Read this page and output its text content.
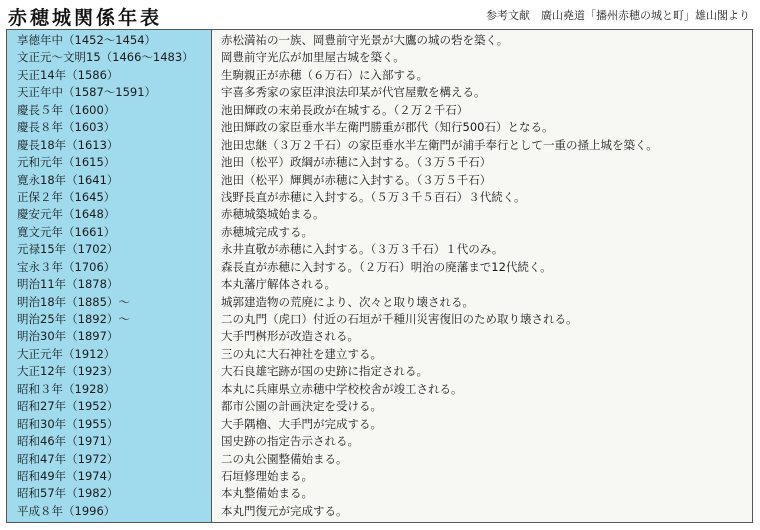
赤穂城関係年表	参考文献　廣山堯道「播州赤穂の城と町」雄山閣より
享徳年中（1452～1454）	赤松満祐の一族、岡豊前守光景が大鷹の城の砦を築く。
文正元～文明15（1466～1483）	岡豊前守光広が加里屋古城を築く。
天正14年（1586）	生駒親正が赤穂（６万石）に入部する。
天正年中（1587～1591）	宇喜多秀家の家臣津浪法印某が代官屋敷を構える。
慶長５年（1600）	池田輝政の末弟長政が在城する。（２万２千石）
慶長８年（1603）	池田輝政の家臣垂水半左衛門勝重が郡代（知行500石）となる。
慶長18年（1613）	池田忠継（３万２千石）の家臣垂水半左衛門が浦手奉行として一重の掻上城を築く。
元和元年（1615）	池田（松平）政綱が赤穂に入封する。（３万５千石）
寛永18年（1641）	池田（松平）輝興が赤穂に入封する。（３万５千石）
正保２年（1645）	浅野長直が赤穂に入封する。（５万３千５百石）３代続く。
慶安元年（1648）	赤穂城築城始まる。
寛文元年（1661）	赤穂城完成する。
元禄15年（1702）	永井直敬が赤穂に入封する。（３万３千石）１代のみ。
宝永３年（1706）	森長直が赤穂に入封する。（２万石）明治の廃藩まで12代続く。
明治11年（1878）	本丸藩庁解体される。
明治18年（1885）～	城郭建造物の荒廃により、次々と取り壊される。
明治25年（1892）～	二の丸門（虎口）付近の石垣が千種川災害復旧のため取り壊される。
明治30年（1897）	大手門桝形が改造される。
大正元年（1912）	三の丸に大石神社を建立する。
大正12年（1923）	大石良雄宅跡が国の史跡に指定される。
昭和３年（1928）	本丸に兵庫県立赤穂中学校校舎が竣工される。
昭和27年（1952）	都市公園の計画決定を受ける。
昭和30年（1955）	大手隅櫓、大手門が完成する。
昭和46年（1971）	国史跡の指定告示される。
昭和47年（1972）	二の丸公園整備始まる。
昭和49年（1974）	石垣修理始まる。
昭和57年（1982）	本丸整備始まる。
平成８年（1996）	本丸門復元が完成する。
